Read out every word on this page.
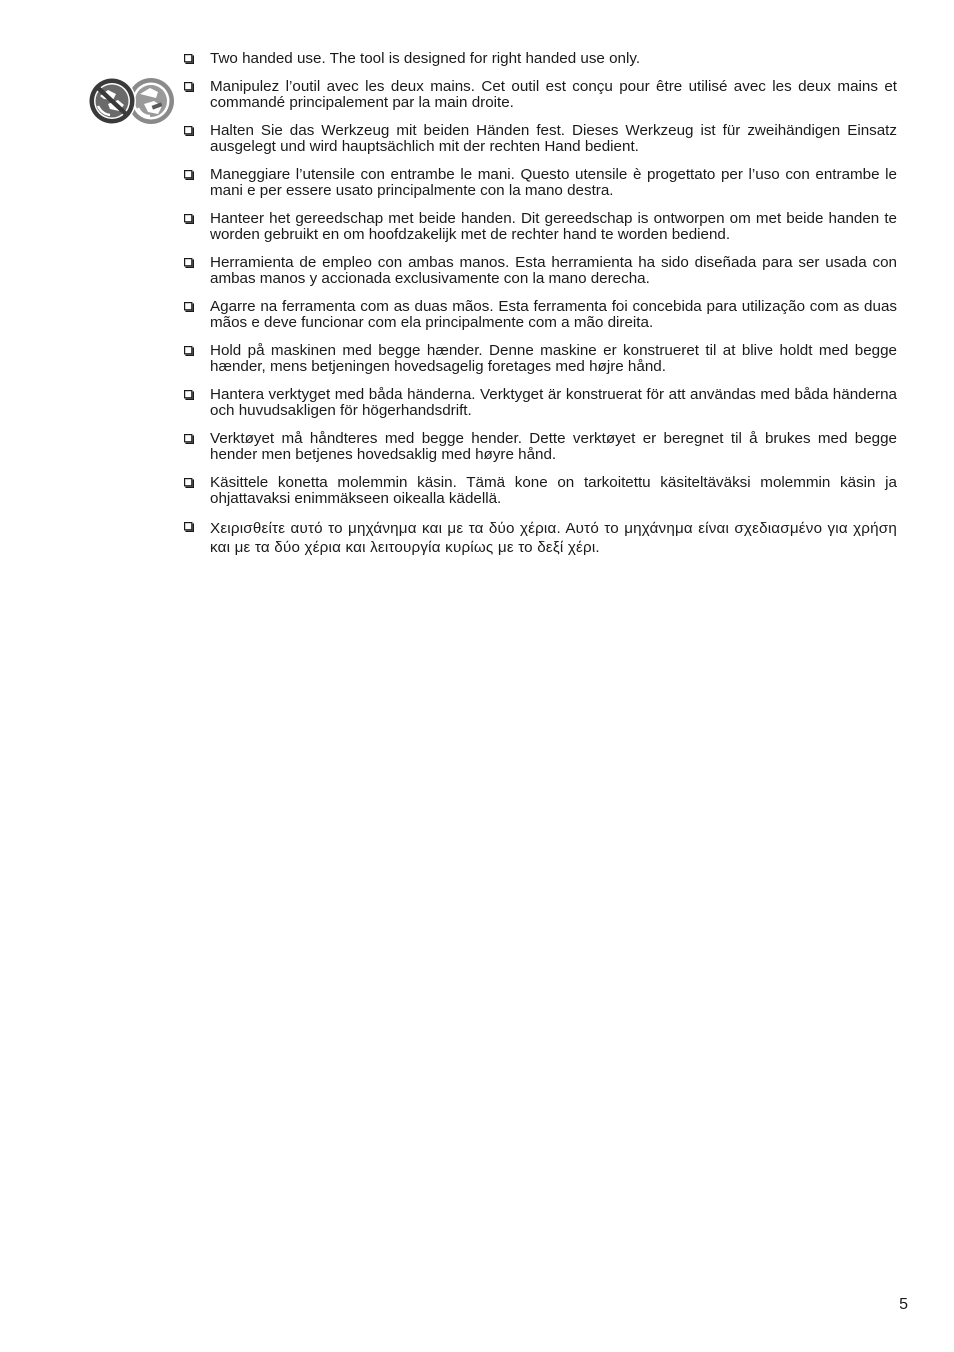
Two handed use. The tool is designed for right handed use only.
Manipulez l’outil avec les deux mains. Cet outil est conçu pour être utilisé avec les deux mains et commandé principalement par la main droite.
Halten Sie das Werkzeug mit beiden Händen fest. Dieses Werkzeug ist für zweihändigen Einsatz ausgelegt und wird hauptsächlich mit der rechten Hand bedient.
Maneggiare l’utensile con entrambe le mani. Questo utensile è progettato per l’uso con entrambe le mani e per essere usato principalmente con la mano destra.
Hanteer het gereedschap met beide handen. Dit gereedschap is ontworpen om met beide handen te worden gebruikt en om hoofdzakelijk met de rechter hand te worden bediend.
Herramienta de empleo con ambas manos. Esta herramienta ha sido diseñada para ser usada con ambas manos y accionada exclusivamente con la mano derecha.
Agarre na ferramenta com as duas mãos. Esta ferramenta foi concebida para utilização com as duas mãos e deve funcionar com ela principalmente com a mão direita.
Hold på maskinen med begge hænder. Denne maskine er konstrueret til at blive holdt med begge hænder, mens betjeningen hovedsagelig foretages med højre hånd.
Hantera verktyget med båda händerna. Verktyget är konstruerat för att användas med båda händerna och huvudsakligen för högerhandsdrift.
Verktøyet må håndteres med begge hender. Dette verktøyet er beregnet til å brukes med begge hender men betjenes hovedsaklig med høyre hånd.
Käsittele konetta molemmin käsin. Tämä kone on tarkoitettu käsiteltäväksi molemmin käsin ja ohjattavaksi enimmäkseen oikealla kädellä.
Χειρισθείτε αυτό το μηχάνημα και με τα δύο χέρια. Αυτό το μηχάνημα είναι σχεδιασμένο για χρήση και με τα δύο χέρια και λειτουργία κυρίως με το δεξί χέρι.
5
